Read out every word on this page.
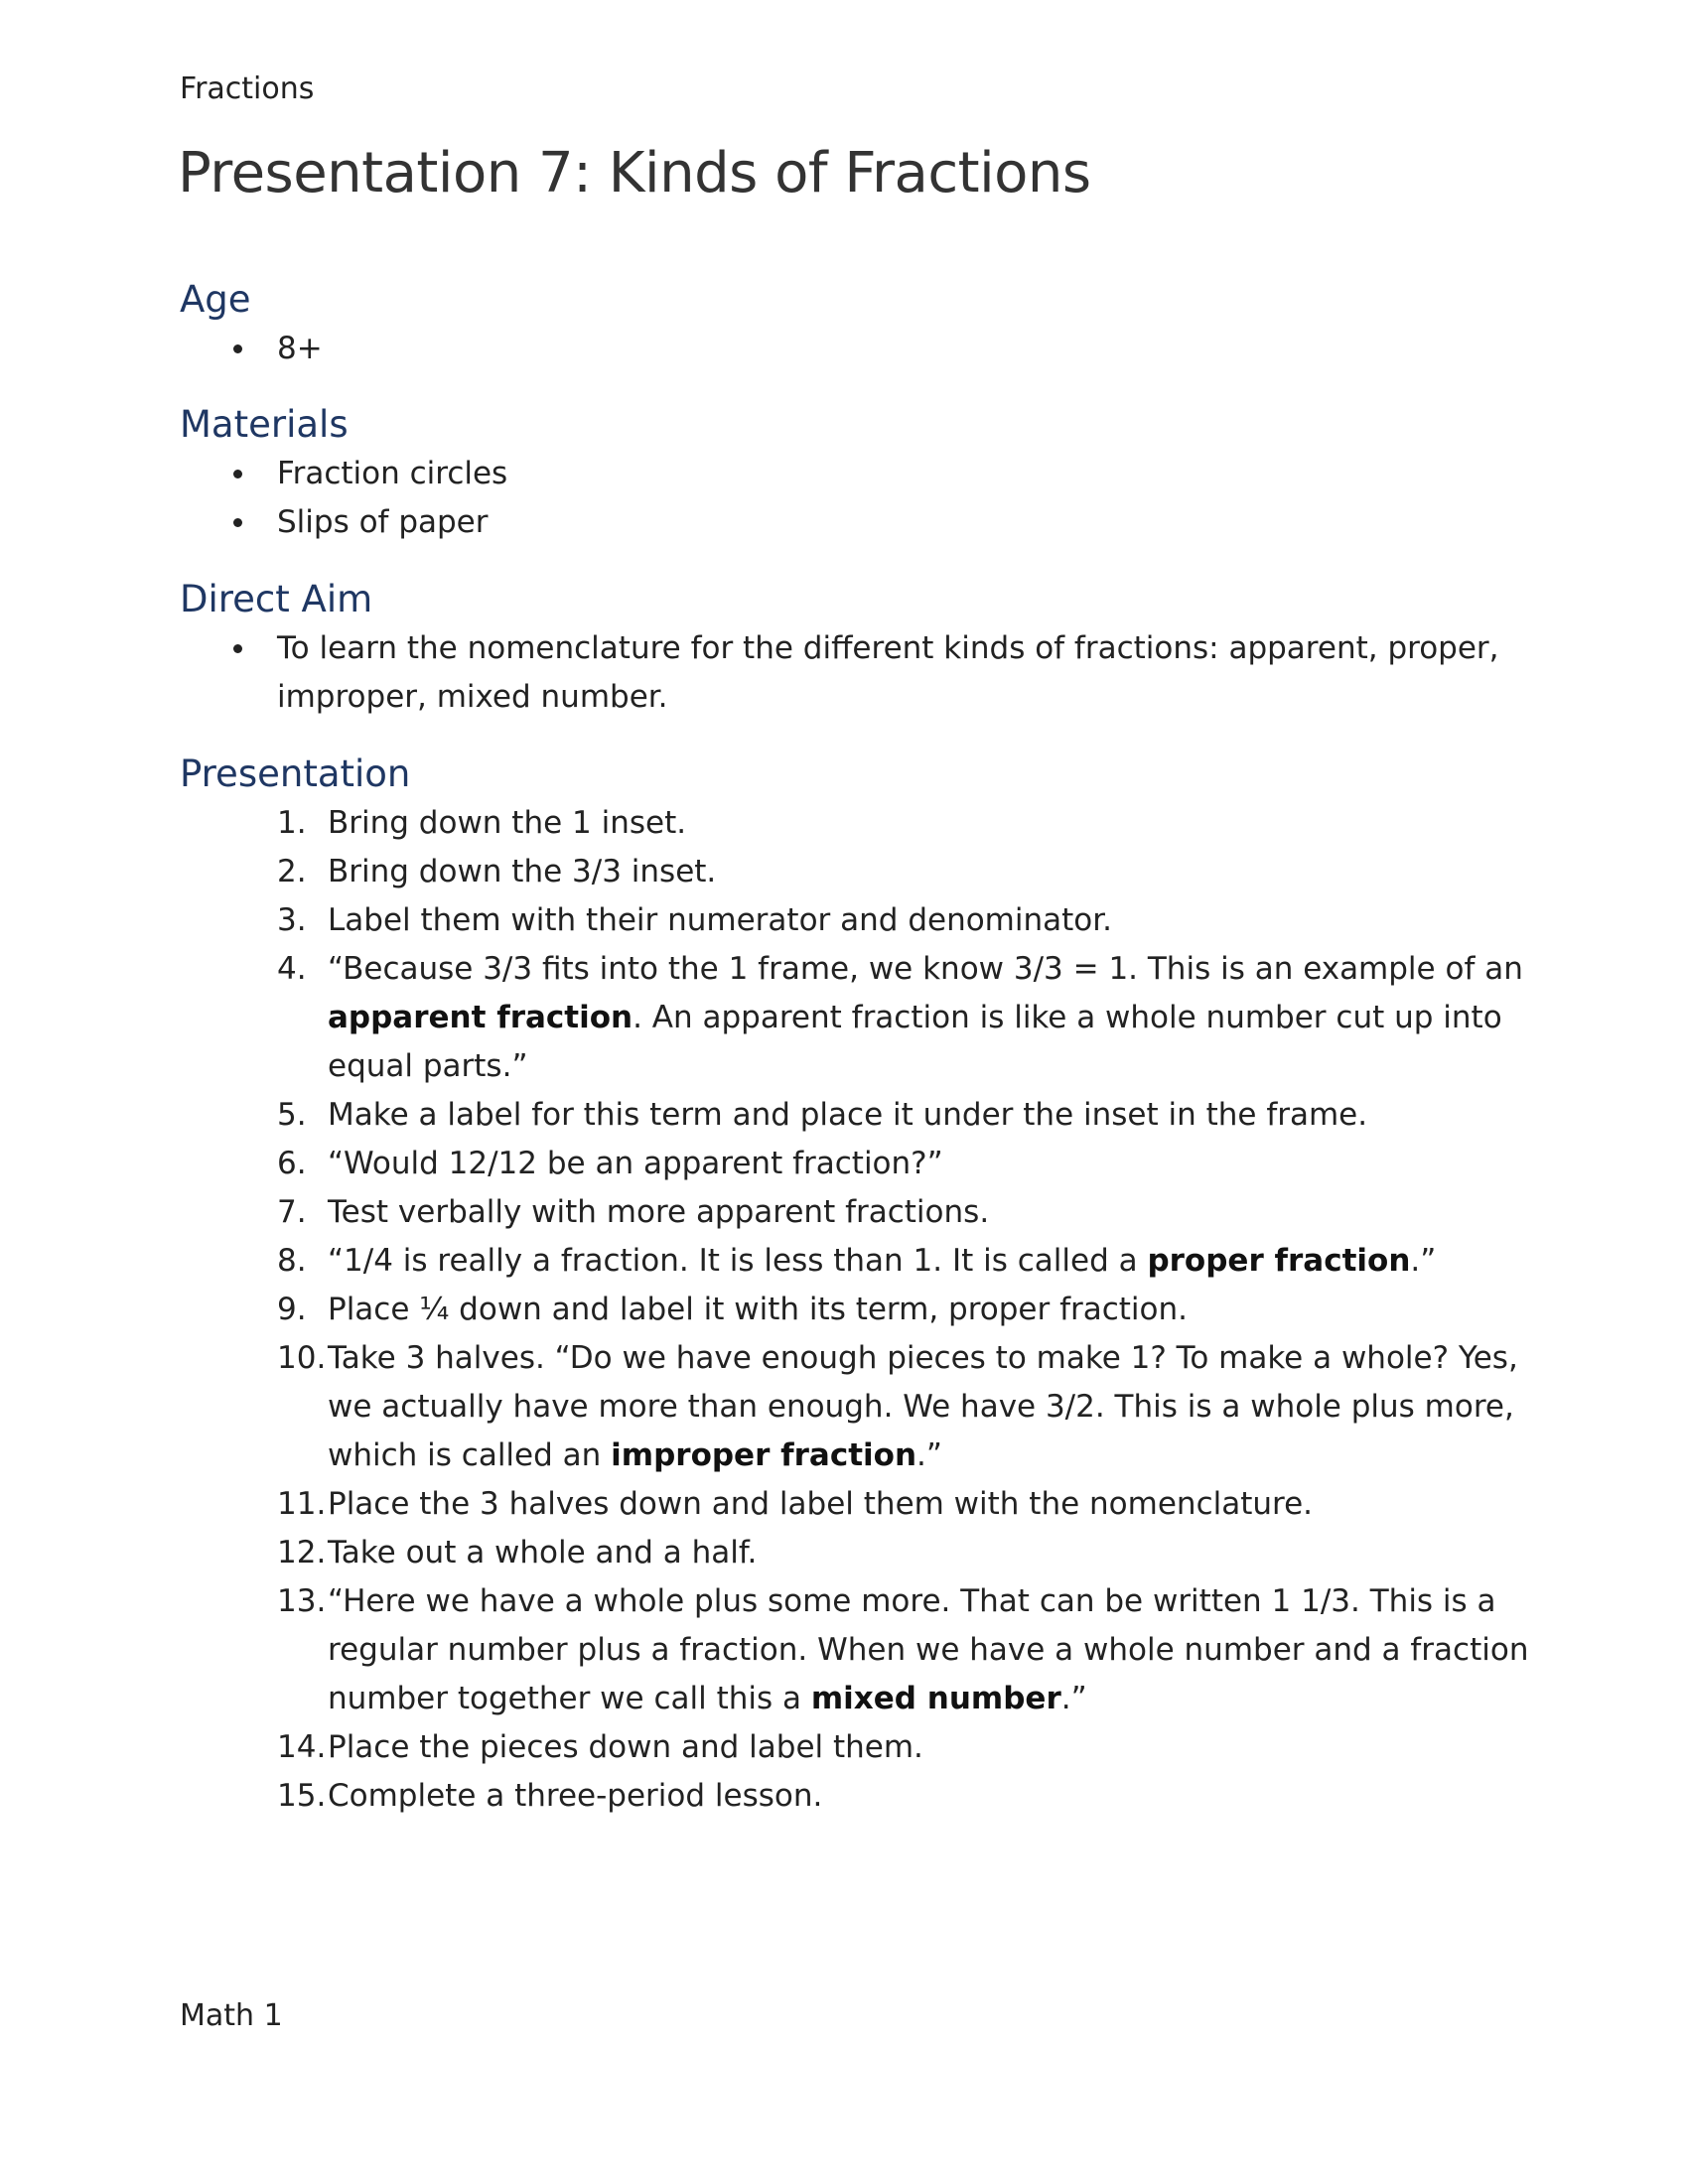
Fractions
Presentation 7: Kinds of Fractions
Age
8+
Materials
Fraction circles
Slips of paper
Direct Aim
To learn the nomenclature for the different kinds of fractions: apparent, proper, improper, mixed number.
Presentation
1. Bring down the 1 inset.
2. Bring down the 3/3 inset.
3. Label them with their numerator and denominator.
4. “Because 3/3 fits into the 1 frame, we know 3/3 = 1. This is an example of an apparent fraction. An apparent fraction is like a whole number cut up into equal parts.”
5. Make a label for this term and place it under the inset in the frame.
6. “Would 12/12 be an apparent fraction?”
7. Test verbally with more apparent fractions.
8. “1/4 is really a fraction. It is less than 1. It is called a proper fraction.”
9. Place ¼ down and label it with its term, proper fraction.
10. Take 3 halves. “Do we have enough pieces to make 1? To make a whole? Yes, we actually have more than enough. We have 3/2. This is a whole plus more, which is called an improper fraction.”
11. Place the 3 halves down and label them with the nomenclature.
12. Take out a whole and a half.
13. “Here we have a whole plus some more. That can be written 1 1/3. This is a regular number plus a fraction. When we have a whole number and a fraction number together we call this a mixed number.”
14. Place the pieces down and label them.
15. Complete a three-period lesson.
Math 1
